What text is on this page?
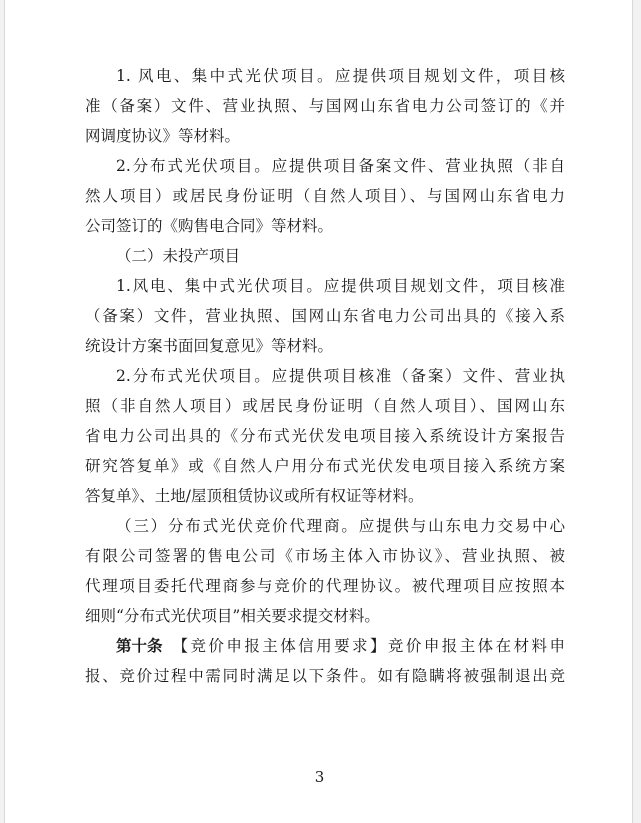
1. 风电、集中式光伏项目。应提供项目规划文件，项目核
准（备案）文件、营业执照、与国网山东省电力公司签订的《并
网调度协议》等材料。
2.分布式光伏项目。应提供项目备案文件、营业执照（非自
然人项目）或居民身份证明（自然人项目）、与国网山东省电力
公司签订的《购售电合同》等材料。
（二）未投产项目
1.风电、集中式光伏项目。应提供项目规划文件，项目核准
（备案）文件，营业执照、国网山东省电力公司出具的《接入系
统设计方案书面回复意见》等材料。
2.分布式光伏项目。应提供项目核准（备案）文件、营业执
照（非自然人项目）或居民身份证明（自然人项目）、国网山东
省电力公司出具的《分布式光伏发电项目接入系统设计方案报告
研究答复单》或《自然人户用分布式光伏发电项目接入系统方案
答复单》、土地/屋顶租赁协议或所有权证等材料。
（三）分布式光伏竞价代理商。应提供与山东电力交易中心
有限公司签署的售电公司《市场主体入市协议》、营业执照、被
代理项目委托代理商参与竞价的代理协议。被代理项目应按照本
细则“分布式光伏项目”相关要求提交材料。
第十条 【竞价申报主体信用要求】竞价申报主体在材料申
报、竞价过程中需同时满足以下条件。如有隐瞒将被强制退出竞
3
